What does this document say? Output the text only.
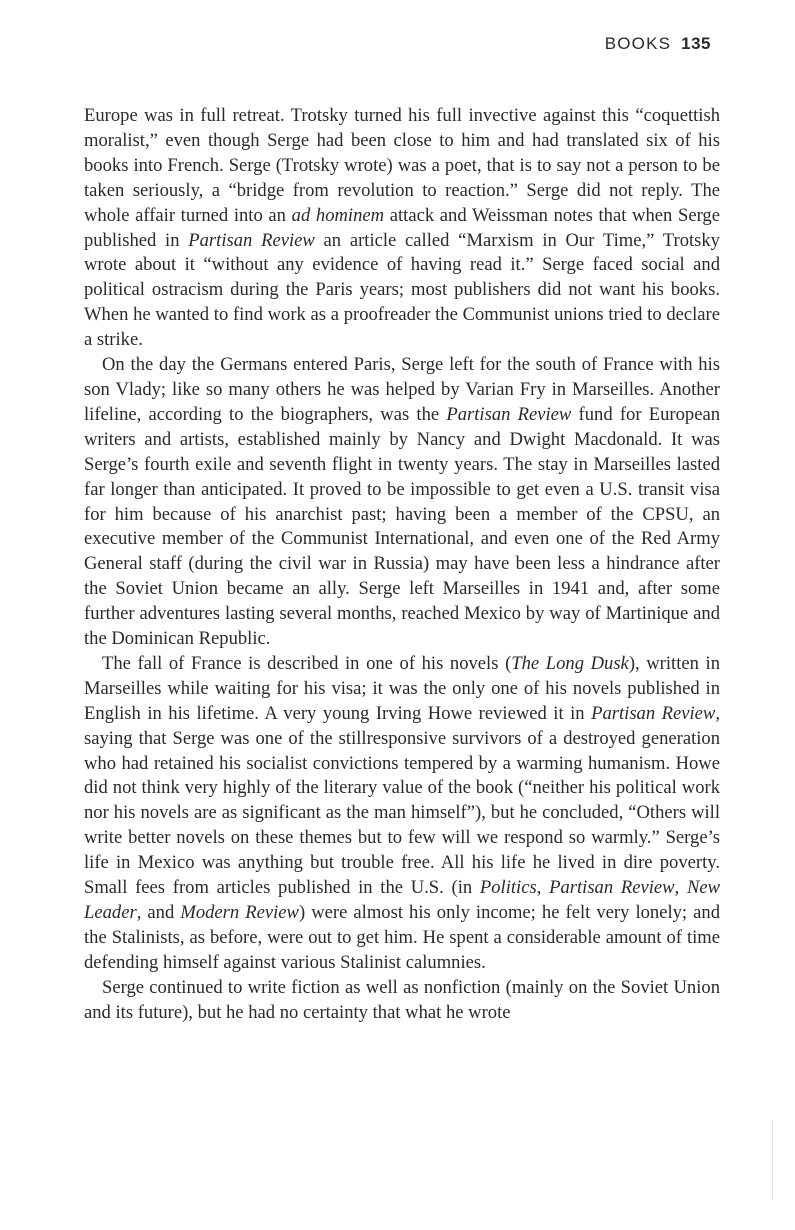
BOOKS 135

Europe was in full retreat. Trotsky turned his full invective against this “coquettish moralist,” even though Serge had been close to him and had translated six of his books into French. Serge (Trotsky wrote) was a poet, that is to say not a person to be taken seriously, a “bridge from revolution to reaction.” Serge did not reply. The whole affair turned into an ad hominem attack and Weissman notes that when Serge published in Partisan Review an article called “Marxism in Our Time,” Trotsky wrote about it “without any evidence of having read it.” Serge faced social and political ostracism during the Paris years; most publishers did not want his books. When he wanted to find work as a proofreader the Communist unions tried to declare a strike.

On the day the Germans entered Paris, Serge left for the south of France with his son Vlady; like so many others he was helped by Varian Fry in Marseilles. Another lifeline, according to the biographers, was the Partisan Review fund for European writers and artists, established mainly by Nancy and Dwight Macdonald. It was Serge’s fourth exile and seventh flight in twenty years. The stay in Marseilles lasted far longer than anticipated. It proved to be impossible to get even a U.S. transit visa for him because of his anarchist past; having been a member of the CPSU, an executive member of the Communist International, and even one of the Red Army General staff (during the civil war in Russia) may have been less a hindrance after the Soviet Union became an ally. Serge left Marseilles in 1941 and, after some further adventures lasting several months, reached Mexico by way of Martinique and the Dominican Republic.

The fall of France is described in one of his novels (The Long Dusk), written in Marseilles while waiting for his visa; it was the only one of his novels published in English in his lifetime. A very young Irving Howe reviewed it in Partisan Review, saying that Serge was one of the stillresponsive survivors of a destroyed generation who had retained his socialist convictions tempered by a warming humanism. Howe did not think very highly of the literary value of the book (“neither his political work nor his novels are as significant as the man himself”), but he concluded, “Others will write better novels on these themes but to few will we respond so warmly.” Serge’s life in Mexico was anything but trouble free. All his life he lived in dire poverty. Small fees from articles published in the U.S. (in Politics, Partisan Review, New Leader, and Modern Review) were almost his only income; he felt very lonely; and the Stalinists, as before, were out to get him. He spent a considerable amount of time defending himself against various Stalinist calumnies.

Serge continued to write fiction as well as nonfiction (mainly on the Soviet Union and its future), but he had no certainty that what he wrote
